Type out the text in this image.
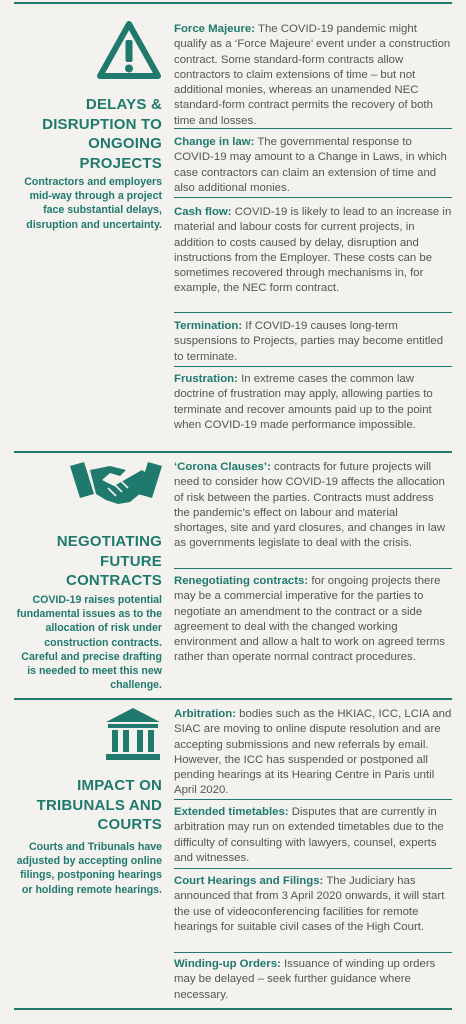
DELAYS &
DISRUPTION TO
ONGOING
PROJECTS
Contractors and employers mid-way through a project face substantial delays, disruption and uncertainty.
Force Majeure: The COVID-19 pandemic might qualify as a ‘Force Majeure’ event under a construction contract. Some standard-form contracts allow contractors to claim extensions of time – but not additional monies, whereas an unamended NEC standard-form contract permits the recovery of both time and losses.
Change in law: The governmental response to COVID-19 may amount to a Change in Laws, in which case contractors can claim an extension of time and also additional monies.
Cash flow: COVID-19 is likely to lead to an increase in material and labour costs for current projects, in addition to costs caused by delay, disruption and instructions from the Employer. These costs can be sometimes recovered through mechanisms in, for example, the NEC form contract.
Termination: If COVID-19 causes long-term suspensions to Projects, parties may become entitled to terminate.
Frustration: In extreme cases the common law doctrine of frustration may apply, allowing parties to terminate and recover amounts paid up to the point when COVID-19 made performance impossible.
NEGOTIATING
FUTURE
CONTRACTS
COVID-19 raises potential fundamental issues as to the allocation of risk under construction contracts. Careful and precise drafting is needed to meet this new challenge.
‘Corona Clauses’: contracts for future projects will need to consider how COVID-19 affects the allocation of risk between the parties. Contracts must address the pandemic’s effect on labour and material shortages, site and yard closures, and changes in law as governments legislate to deal with the crisis.
Renegotiating contracts: for ongoing projects there may be a commercial imperative for the parties to negotiate an amendment to the contract or a side agreement to deal with the changed working environment and allow a halt to work on agreed terms rather than operate normal contract procedures.
IMPACT ON
TRIBUNALS AND
COURTS
Courts and Tribunals have adjusted by accepting online filings, postponing hearings or holding remote hearings.
Arbitration: bodies such as the HKIAC, ICC, LCIA and SIAC are moving to online dispute resolution and are accepting submissions and new referrals by email. However, the ICC has suspended or postponed all pending hearings at its Hearing Centre in Paris until April 2020.
Extended timetables: Disputes that are currently in arbitration may run on extended timetables due to the difficulty of consulting with lawyers, counsel, experts and witnesses.
Court Hearings and Filings: The Judiciary has announced that from 3 April 2020 onwards, it will start the use of videoconferencing facilities for remote hearings for suitable civil cases of the High Court.
Winding-up Orders: Issuance of winding up orders may be delayed – seek further guidance where necessary.
